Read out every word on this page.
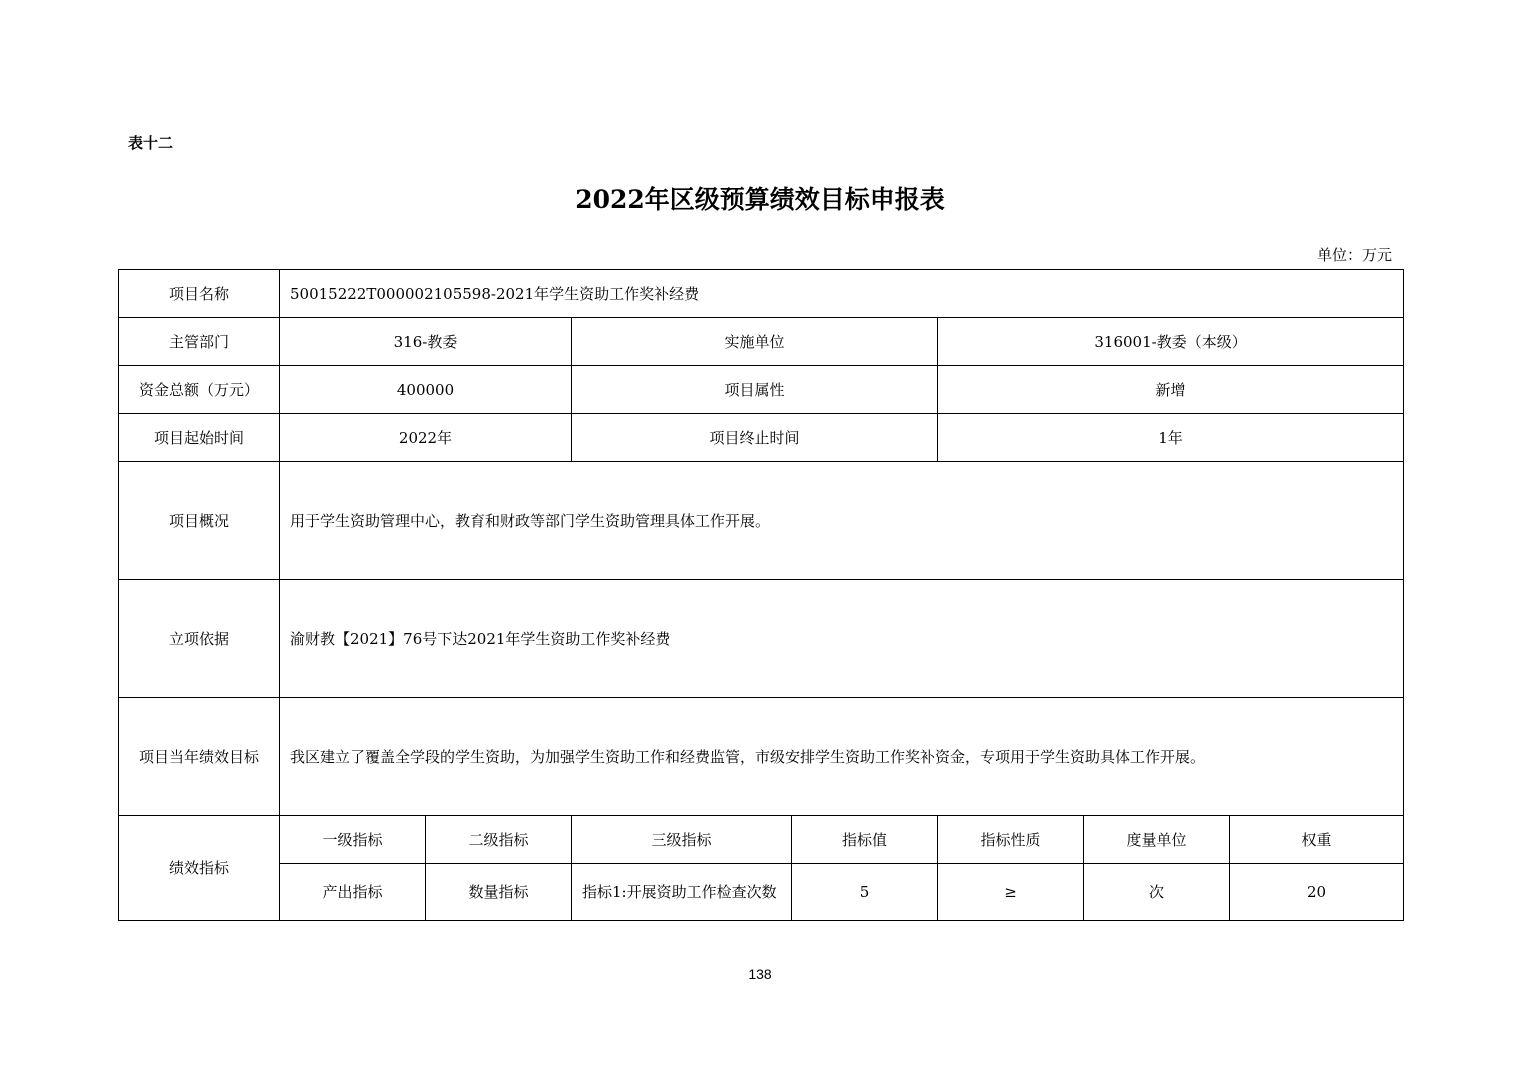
表十二
2022年区级预算绩效目标申报表
单位：万元
项目名称	50015222T000002105598-2021年学生资助工作奖补经费						
主管部门	316-教委		实施单位		316001-教委（本级）		
资金总额（万元）	400000		项目属性		新增		
项目起始时间	2022年		项目终止时间		1年		
项目概况	用于学生资助管理中心，教育和财政等部门学生资助管理具体工作开展。						
立项依据	渝财教【2021】76号下达2021年学生资助工作奖补经费						
项目当年绩效目标	我区建立了覆盖全学段的学生资助，为加强学生资助工作和经费监管，市级安排学生资助工作奖补资金，专项用于学生资助具体工作开展。						
绩效指标	一级指标	二级指标	三级指标	指标值	指标性质	度量单位	权重
	产出指标	数量指标	指标1:开展资助工作检查次数	5	≥	次	20
138
